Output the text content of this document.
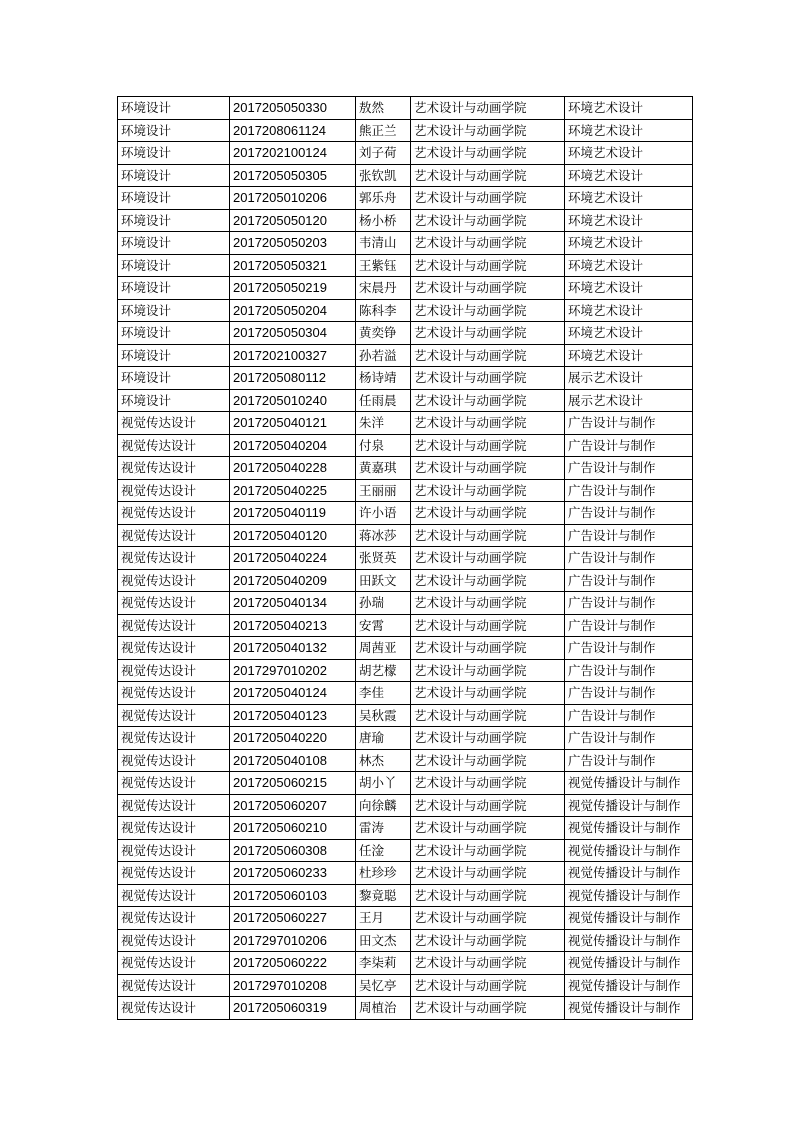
环境设计	2017205050330	敖然	艺术设计与动画学院	环境艺术设计
环境设计	2017208061124	熊正兰	艺术设计与动画学院	环境艺术设计
环境设计	2017202100124	刘子荷	艺术设计与动画学院	环境艺术设计
环境设计	2017205050305	张钦凯	艺术设计与动画学院	环境艺术设计
环境设计	2017205010206	郭乐舟	艺术设计与动画学院	环境艺术设计
环境设计	2017205050120	杨小桥	艺术设计与动画学院	环境艺术设计
环境设计	2017205050203	韦清山	艺术设计与动画学院	环境艺术设计
环境设计	2017205050321	王紫钰	艺术设计与动画学院	环境艺术设计
环境设计	2017205050219	宋晨丹	艺术设计与动画学院	环境艺术设计
环境设计	2017205050204	陈科李	艺术设计与动画学院	环境艺术设计
环境设计	2017205050304	黄奕铮	艺术设计与动画学院	环境艺术设计
环境设计	2017202100327	孙若溢	艺术设计与动画学院	环境艺术设计
环境设计	2017205080112	杨诗靖	艺术设计与动画学院	展示艺术设计
环境设计	2017205010240	任雨晨	艺术设计与动画学院	展示艺术设计
视觉传达设计	2017205040121	朱洋	艺术设计与动画学院	广告设计与制作
视觉传达设计	2017205040204	付泉	艺术设计与动画学院	广告设计与制作
视觉传达设计	2017205040228	黄嘉琪	艺术设计与动画学院	广告设计与制作
视觉传达设计	2017205040225	王丽丽	艺术设计与动画学院	广告设计与制作
视觉传达设计	2017205040119	许小语	艺术设计与动画学院	广告设计与制作
视觉传达设计	2017205040120	蒋冰莎	艺术设计与动画学院	广告设计与制作
视觉传达设计	2017205040224	张贤英	艺术设计与动画学院	广告设计与制作
视觉传达设计	2017205040209	田跃文	艺术设计与动画学院	广告设计与制作
视觉传达设计	2017205040134	孙瑞	艺术设计与动画学院	广告设计与制作
视觉传达设计	2017205040213	安霄	艺术设计与动画学院	广告设计与制作
视觉传达设计	2017205040132	周茜亚	艺术设计与动画学院	广告设计与制作
视觉传达设计	2017297010202	胡艺檬	艺术设计与动画学院	广告设计与制作
视觉传达设计	2017205040124	李佳	艺术设计与动画学院	广告设计与制作
视觉传达设计	2017205040123	吴秋霞	艺术设计与动画学院	广告设计与制作
视觉传达设计	2017205040220	唐瑜	艺术设计与动画学院	广告设计与制作
视觉传达设计	2017205040108	林杰	艺术设计与动画学院	广告设计与制作
视觉传达设计	2017205060215	胡小丫	艺术设计与动画学院	视觉传播设计与制作
视觉传达设计	2017205060207	向徐麟	艺术设计与动画学院	视觉传播设计与制作
视觉传达设计	2017205060210	雷涛	艺术设计与动画学院	视觉传播设计与制作
视觉传达设计	2017205060308	任淦	艺术设计与动画学院	视觉传播设计与制作
视觉传达设计	2017205060233	杜珍珍	艺术设计与动画学院	视觉传播设计与制作
视觉传达设计	2017205060103	黎竟聪	艺术设计与动画学院	视觉传播设计与制作
视觉传达设计	2017205060227	王月	艺术设计与动画学院	视觉传播设计与制作
视觉传达设计	2017297010206	田文杰	艺术设计与动画学院	视觉传播设计与制作
视觉传达设计	2017205060222	李柒莉	艺术设计与动画学院	视觉传播设计与制作
视觉传达设计	2017297010208	吴忆亭	艺术设计与动画学院	视觉传播设计与制作
视觉传达设计	2017205060319	周植治	艺术设计与动画学院	视觉传播设计与制作
